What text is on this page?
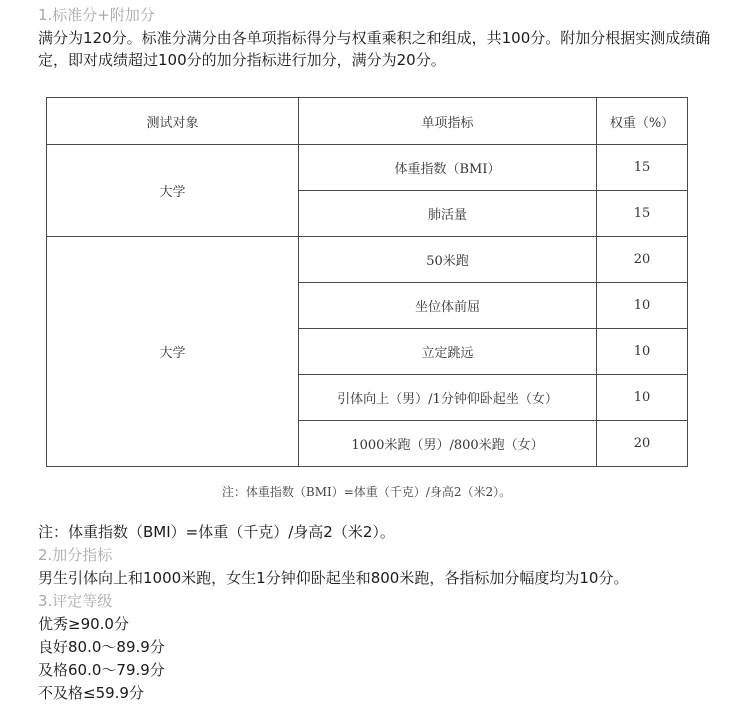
1.标准分+附加分
满分为120分。标准分满分由各单项指标得分与权重乘积之和组成，共100分。附加分根据实测成绩确定，即对成绩超过100分的加分指标进行加分，满分为20分。
测试对象	单项指标	权重（%）
大学	体重指数（BMI）	15
	肺活量	15
大学	50米跑	20
	坐位体前屈	10
	立定跳远	10
	引体向上（男）/1分钟仰卧起坐（女）	10
	1000米跑（男）/800米跑（女）	20
注：体重指数（BMI）=体重（千克）/身高2（米2）。
注：体重指数（BMI）=体重（千克）/身高2（米2）。
2.加分指标
男生引体向上和1000米跑，女生1分钟仰卧起坐和800米跑，各指标加分幅度均为10分。
3.评定等级
优秀≥90.0分
良好80.0～89.9分
及格60.0～79.9分
不及格≤59.9分
